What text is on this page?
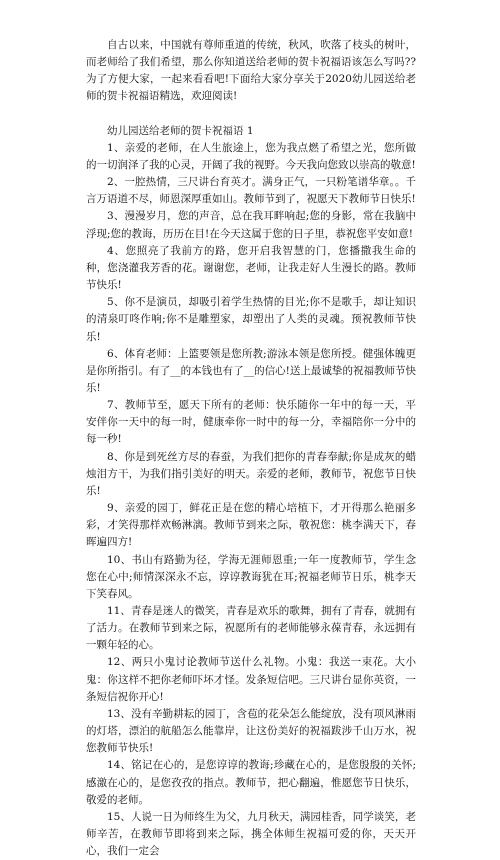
自古以来，中国就有尊师重道的传统，秋风，吹落了枝头的树叶，而老师给了我们希望，那么你知道送给老师的贺卡祝福语该怎么写吗??为了方便大家，一起来看看吧!下面给大家分享关于2020幼儿园送给老师的贺卡祝福语精选，欢迎阅读!

幼儿园送给老师的贺卡祝福语 1

1、亲爱的老师，在人生旅途上，您为我点燃了希望之光，您所做的一切润泽了我的心灵，开阔了我的视野。今天我向您致以崇高的敬意!

2、一腔热情，三尺讲台育英才。满身正气，一只粉笔谱华章。。千言万语道不尽，师恩深厚重如山。教师节到了，祝愿天下教师节日快乐!

3、漫漫岁月，您的声音，总在我耳畔响起;您的身影，常在我脑中浮现;您的教诲，历历在目!在今天这属于您的日子里，恭祝您平安如意!

4、您照亮了我前方的路，您开启我智慧的门，您播撒我生命的种，您浇灌我芳香的花。谢谢您，老师，让我走好人生漫长的路。教师节快乐!

5、你不是演员，却吸引着学生热情的目光;你不是歌手，却让知识的清泉叮咚作响;你不是雕塑家，却塑出了人类的灵魂。预祝教师节快乐!

6、体育老师：上篮要领是您所教;游泳本领是您所授。健强体魄更是你所指引。有了__的本钱也有了__的信心!送上最诚挚的祝福教师节快乐!

7、教师节至，愿天下所有的老师：快乐随你一年中的每一天，平安伴你一天中的每一时，健康牵你一时中的每一分，幸福陪你一分中的每一秒!

8、你是到死丝方尽的春蚕，为我们把你的青春奉献;你是成灰的蜡烛泪方干，为我们指引美好的明天。亲爱的老师，教师节，祝您节日快乐!

9、亲爱的园丁，鲜花正是在您的精心培植下，才开得那么艳丽多彩，才笑得那样欢畅淋漓。教师节到来之际，敬祝您：桃李满天下，春晖遍四方!

10、书山有路勤为径，学海无涯师恩重;一年一度教师节，学生念您在心中;师情深深永不忘，谆谆教诲犹在耳;祝福老师节日乐，桃李天下笑春风。

11、青春是迷人的微笑，青春是欢乐的歌舞，拥有了青春，就拥有了活力。在教师节到来之际，祝愿所有的老师能够永葆青春，永远拥有一颗年轻的心。

12、两只小鬼讨论教师节送什么礼物。小鬼：我送一束花。大小鬼：你这样不把你老师吓坏才怪。发条短信吧。三尺讲台显你英资，一条短信祝你开心!

13、没有辛勤耕耘的园丁，含苞的花朵怎么能绽放，没有项风淋雨的灯塔，漂泊的航船怎么能靠岸，让这份美好的祝福跋涉千山万水，祝您教师节快乐!

14、铭记在心的，是您谆谆的教诲;珍藏在心的，是您殷殷的关怀;感激在心的，是您孜孜的指点。教师节，把心翻遍，惟愿您节日快乐，敬爱的老师。

15、人说一日为师终生为父，九月秋天，满园桂香，同学谈笑，老师辛苦，在教师节即将到来之际，携全体师生祝福可爱的你，天天开心，我们一定会
